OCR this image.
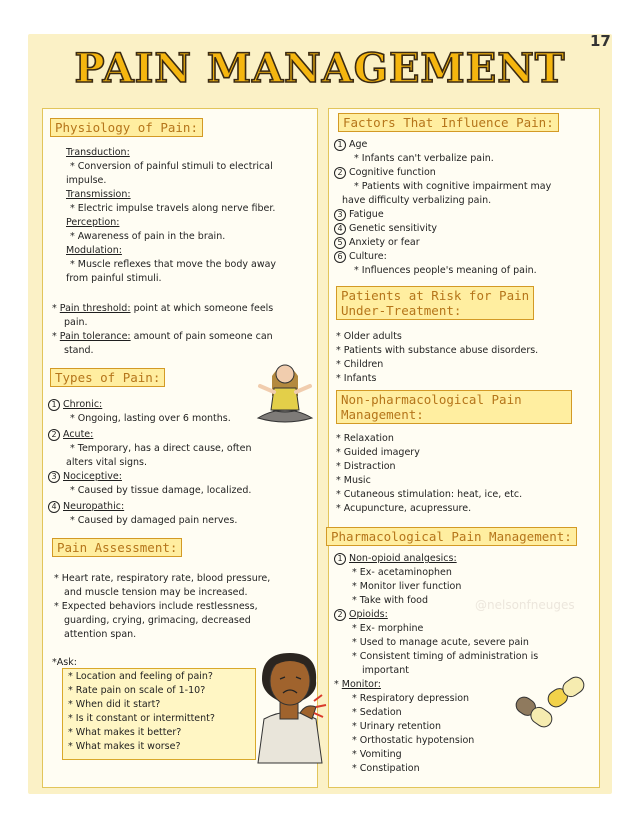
17
PAIN MANAGEMENT
Physiology of Pain:
Transduction:
* Conversion of painful stimuli to electrical
impulse.
Transmission:
* Electric impulse travels along nerve fiber.
Perception:
* Awareness of pain in the brain.
Modulation:
* Muscle reflexes that move the body away
from painful stimuli.
* Pain threshold: point at which someone feels
pain.
* Pain tolerance: amount of pain someone can
stand.
Types of Pain:
1 Chronic:
* Ongoing, lasting over 6 months.
2 Acute:
* Temporary, has a direct cause, often
alters vital signs.
3 Nociceptive:
* Caused by tissue damage, localized.
4 Neuropathic:
* Caused by damaged pain nerves.
Pain Assessment:
* Heart rate, respiratory rate, blood pressure,
and muscle tension may be increased.
* Expected behaviors include restlessness,
guarding, crying, grimacing, decreased
attention span.
*Ask:
* Location and feeling of pain?
* Rate pain on scale of 1-10?
* When did it start?
* Is it constant or intermittent?
* What makes it better?
* What makes it worse?
Factors That Influence Pain:
1 Age
* Infants can't verbalize pain.
2 Cognitive function
* Patients with cognitive impairment may
have difficulty verbalizing pain.
3 Fatigue
4 Genetic sensitivity
5 Anxiety or fear
6 Culture:
* Influences people's meaning of pain.
Patients at Risk for Pain
Under-Treatment:
* Older adults
* Patients with substance abuse disorders.
* Children
* Infants
Non-pharmacological Pain
Management:
* Relaxation
* Guided imagery
* Distraction
* Music
* Cutaneous stimulation: heat, ice, etc.
* Acupuncture, acupressure.
Pharmacological Pain Management:
1 Non-opioid analgesics:
* Ex- acetaminophen
* Monitor liver function
* Take with food	@nelsonfneuges
2 Opioids:
* Ex- morphine
* Used to manage acute, severe pain
* Consistent timing of administration is
important
* Monitor:
* Respiratory depression
* Sedation
* Urinary retention
* Orthostatic hypotension
* Vomiting
* Constipation
